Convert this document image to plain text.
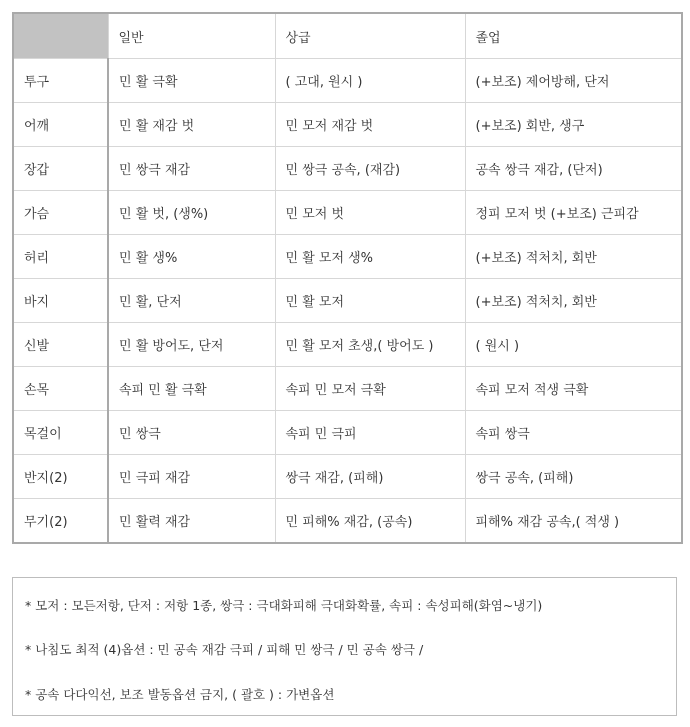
	일반	상급	졸업
투구	민 활 극확	( 고대, 원시 )	(+보조) 제어방해, 단저
어깨	민 활 재감 벗	민 모저 재감 벗	(+보조) 회반, 생구
장갑	민 쌍극 재감	민 쌍극 공속, (재감)	공속 쌍극 재감, (단저)
가슴	민 활 벗, (생%)	민 모저 벗	정피 모저 벗 (+보조) 근피감
허리	민 활 생%	민 활 모저 생%	(+보조) 적처치, 회반
바지	민 활, 단저	민 활 모저	(+보조) 적처치, 회반
신발	민 활 방어도, 단저	민 활 모저 초생,( 방어도 )	( 원시 )
손목	속피 민 활 극확	속피 민 모저 극확	속피 모저 적생 극확
목걸이	민 쌍극	속피 민 극피	속피 쌍극
반지(2)	민 극피 재감	쌍극 재감, (피해)	쌍극 공속, (피해)
무기(2)	민 활력 재감	민 피해% 재감, (공속)	피해% 재감 공속,( 적생 )
* 모저 : 모든저항, 단저 : 저항 1종, 쌍극 : 극대화피해 극대화확률, 속피 : 속성피해(화염~냉기)
* 나침도 최적 (4)옵션 : 민 공속 재감 극피 / 피해 민 쌍극 / 민 공속 쌍극 /
* 공속 다다익선, 보조 발동옵션 금지, ( 괄호 ) : 가변옵션
